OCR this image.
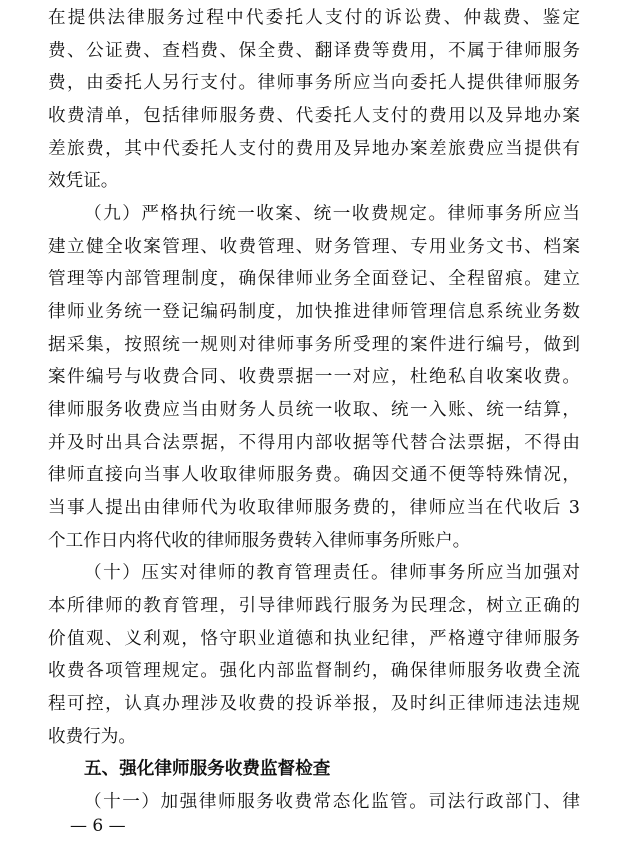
在提供法律服务过程中代委托人支付的诉讼费、仲裁费、鉴定
费、公证费、查档费、保全费、翻译费等费用，不属于律师服务
费，由委托人另行支付。律师事务所应当向委托人提供律师服务
收费清单，包括律师服务费、代委托人支付的费用以及异地办案
差旅费，其中代委托人支付的费用及异地办案差旅费应当提供有
效凭证。
（九）严格执行统一收案、统一收费规定。律师事务所应当
建立健全收案管理、收费管理、财务管理、专用业务文书、档案
管理等内部管理制度，确保律师业务全面登记、全程留痕。建立
律师业务统一登记编码制度，加快推进律师管理信息系统业务数
据采集，按照统一规则对律师事务所受理的案件进行编号，做到
案件编号与收费合同、收费票据一一对应，杜绝私自收案收费。
律师服务收费应当由财务人员统一收取、统一入账、统一结算，
并及时出具合法票据，不得用内部收据等代替合法票据，不得由
律师直接向当事人收取律师服务费。确因交通不便等特殊情况，
当事人提出由律师代为收取律师服务费的，律师应当在代收后 3
个工作日内将代收的律师服务费转入律师事务所账户。
（十）压实对律师的教育管理责任。律师事务所应当加强对
本所律师的教育管理，引导律师践行服务为民理念，树立正确的
价值观、义利观，恪守职业道德和执业纪律，严格遵守律师服务
收费各项管理规定。强化内部监督制约，确保律师服务收费全流
程可控，认真办理涉及收费的投诉举报，及时纠正律师违法违规
收费行为。
五、强化律师服务收费监督检查
（十一）加强律师服务收费常态化监管。司法行政部门、律
— 6 —
